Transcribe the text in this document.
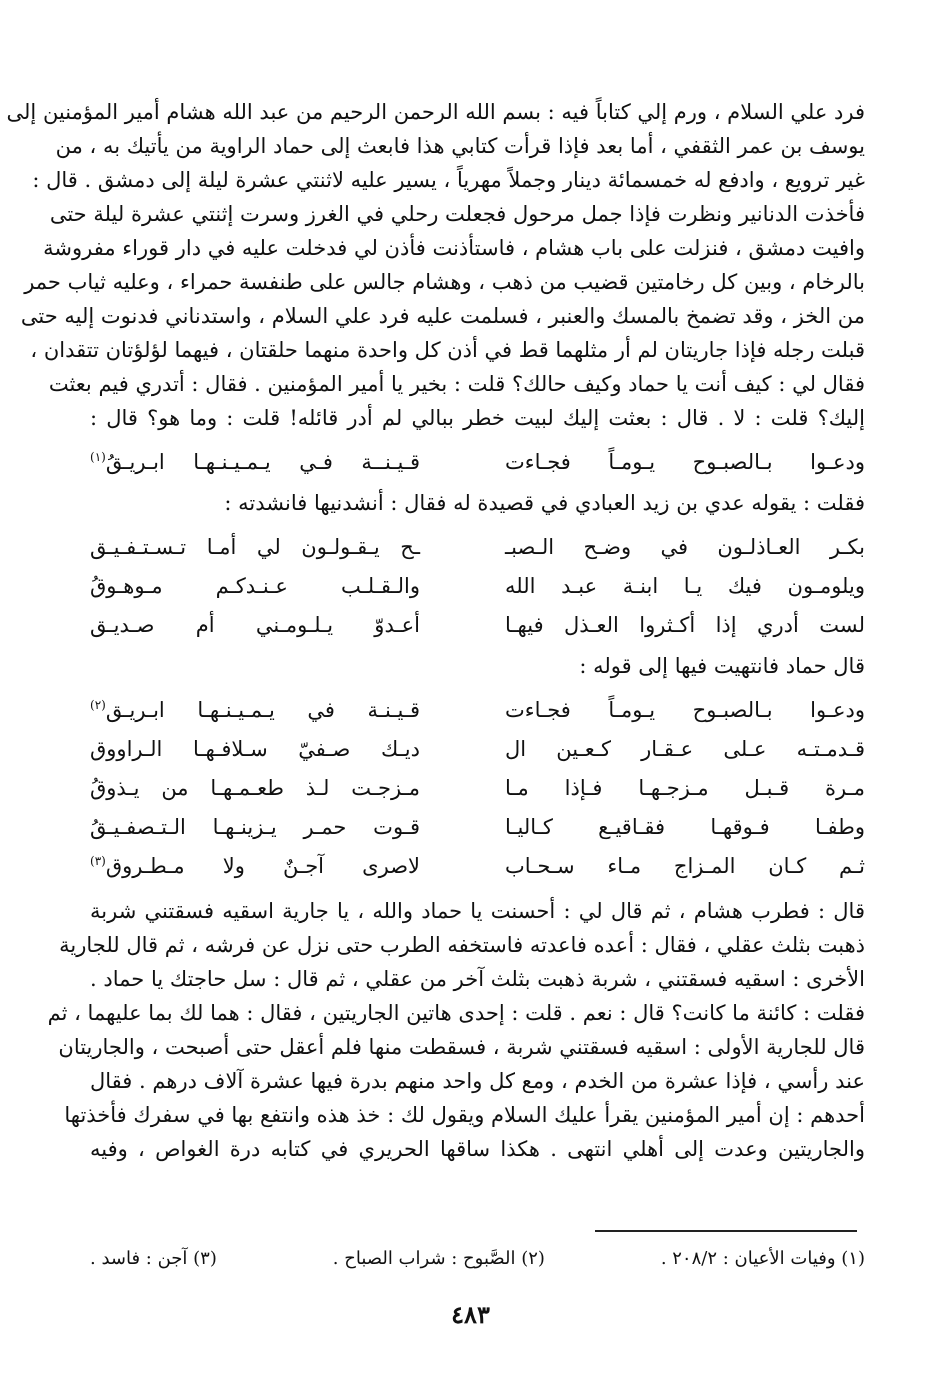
فرد علي السلام ، ورم إلي كتاباً فيه : بسم الله الرحمن الرحيم من عبد الله هشام أمير المؤمنين إلى
يوسف بن عمر الثقفي ، أما بعد فإذا قرأت كتابي هذا فابعث إلى حماد الراوية من يأتيك به ، من
غير ترويع ، وادفع له خمسمائة دينار وجملاً مهرياً ، يسير عليه لاثنتي عشرة ليلة إلى دمشق . قال :
فأخذت الدنانير ونظرت فإذا جمل مرحول فجعلت رحلي في الغرز وسرت إثنتي عشرة ليلة حتى
وافيت دمشق ، فنزلت على باب هشام ، فاستأذنت فأذن لي فدخلت عليه في دار قوراء مفروشة
بالرخام ، وبين كل رخامتين قضيب من ذهب ، وهشام جالس على طنفسة حمراء ، وعليه ثياب حمر
من الخز ، وقد تضمخ بالمسك والعنبر ، فسلمت عليه فرد علي السلام ، واستدناني فدنوت إليه حتى
قبلت رجله فإذا جاريتان لم أر مثلهما قط في أذن كل واحدة منهما حلقتان ، فيهما لؤلؤتان تتقدان ،
فقال لي : كيف أنت يا حماد وكيف حالك؟ قلت : بخير يا أمير المؤمنين . فقال : أتدري فيم بعثت
إليك؟ قلت : لا . قال : بعثت إليك لبيت خطر ببالي لم أدر قائله! قلت : وما هو؟ قال :
ودعـوا بـالصبـوح يـومـاً فجـاءت
قـيـنــة فـي يـمـيـنـهـا ابـريـقُ$^{(١)}$
فقلت : يقوله عدي بن زيد العبادي في قصيدة له فقال : أنشدنيها فانشدته :
بكـر العـاذلـون في وضـح الـصبـ
ـح يـقـولـون لي أمـا تـسـتـفـيـق
ويلومـون فيك يـا ابنـة عبـد الله
والـقـلـب عـنـدكـم مـوهـوقُ
لست أدري إذا أكـثروا العـذل فيهـا
أعـدوّ يـلـومـني أم صـديـق
قال حماد فانتهيت فيها إلى قوله :
ودعـوا بـالصبـوح يـومـاً فجـاءت
قـيـنـة في يـمـيـنـهـا ابـريـق$^{(٢)}$
قـدمـتـه عـلى عـقـار كـعـين ال
ديـك صـفيّ سـلافـهـا الـراووق
مـرة قـبـل مـزجـهـا فـإذا مـا
مـزجـت لـذ طعـمـهـا من يـذوقُ
وطفـا فـوقهـا فقـاقيـع كـاليـا
قـوت حمـر يـزينـهـا الـتـصفـيـقُ
ثـم كـان المـزاج مـاء سـحـاب
لاصرى آجـنٌ ولا مـطـروق$^{(٣)}$
قال : فطرب هشام ، ثم قال لي : أحسنت يا حماد والله ، يا جارية اسقيه فسقتني شربة
ذهبت بثلث عقلي ، فقال : أعده فاعدته فاستخفه الطرب حتى نزل عن فرشه ، ثم قال للجارية
الأخرى : اسقيه فسقتني ، شربة ذهبت بثلث آخر من عقلي ، ثم قال : سل حاجتك يا حماد .
فقلت : كائنة ما كانت؟ قال : نعم . قلت : إحدى هاتين الجاريتين ، فقال : هما لك بما عليهما ، ثم
قال للجارية الأولى : اسقيه فسقتني شربة ، فسقطت منها فلم أعقل حتى أصبحت ، والجاريتان
عند رأسي ، فإذا عشرة من الخدم ، ومع كل واحد منهم بدرة فيها عشرة آلاف درهم . فقال
أحدهم : إن أمير المؤمنين يقرأ عليك السلام ويقول لك : خذ هذه وانتفع بها في سفرك فأخذتها
والجاريتين وعدت إلى أهلي انتهى . هكذا ساقها الحريري في كتابه درة الغواص ، وفيه
(١) وفيات الأعيان : ٢٠٨/٢ .
(٢) الصَّبوح : شراب الصباح .
(٣) آجن : فاسد .
٤٨٣
